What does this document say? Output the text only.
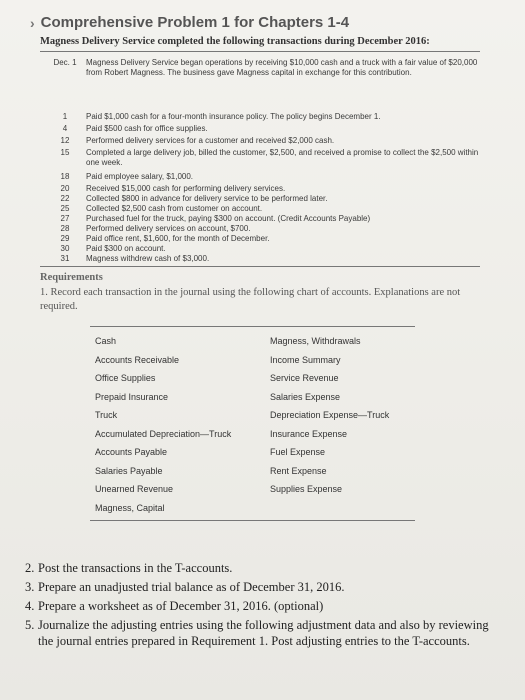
› Comprehensive Problem 1 for Chapters 1-4
Magness Delivery Service completed the following transactions during December 2016:
Dec. 1	Magness Delivery Service began operations by receiving $10,000 cash and a truck with a fair value of $20,000 from Robert Magness. The business gave Magness capital in exchange for this contribution.
1	Paid $1,000 cash for a four-month insurance policy. The policy begins December 1.
4	Paid $500 cash for office supplies.
12	Performed delivery services for a customer and received $2,000 cash.
15	Completed a large delivery job, billed the customer, $2,500, and received a promise to collect the $2,500 within one week.
18	Paid employee salary, $1,000.
20	Received $15,000 cash for performing delivery services.
22	Collected $800 in advance for delivery service to be performed later.
25	Collected $2,500 cash from customer on account.
27	Purchased fuel for the truck, paying $300 on account. (Credit Accounts Payable)
28	Performed delivery services on account, $700.
29	Paid office rent, $1,600, for the month of December.
30	Paid $300 on account.
31	Magness withdrew cash of $3,000.
Requirements
1. Record each transaction in the journal using the following chart of accounts. Explanations are not required.
Cash
Accounts Receivable
Office Supplies
Prepaid Insurance
Truck
Accumulated Depreciation—Truck
Accounts Payable
Salaries Payable
Unearned Revenue
Magness, Capital
Magness, Withdrawals
Income Summary
Service Revenue
Salaries Expense
Depreciation Expense—Truck
Insurance Expense
Fuel Expense
Rent Expense
Supplies Expense
2. Post the transactions in the T-accounts.
3. Prepare an unadjusted trial balance as of December 31, 2016.
4. Prepare a worksheet as of December 31, 2016. (optional)
5. Journalize the adjusting entries using the following adjustment data and also by reviewing the journal entries prepared in Requirement 1. Post adjusting entries to the T-accounts.
